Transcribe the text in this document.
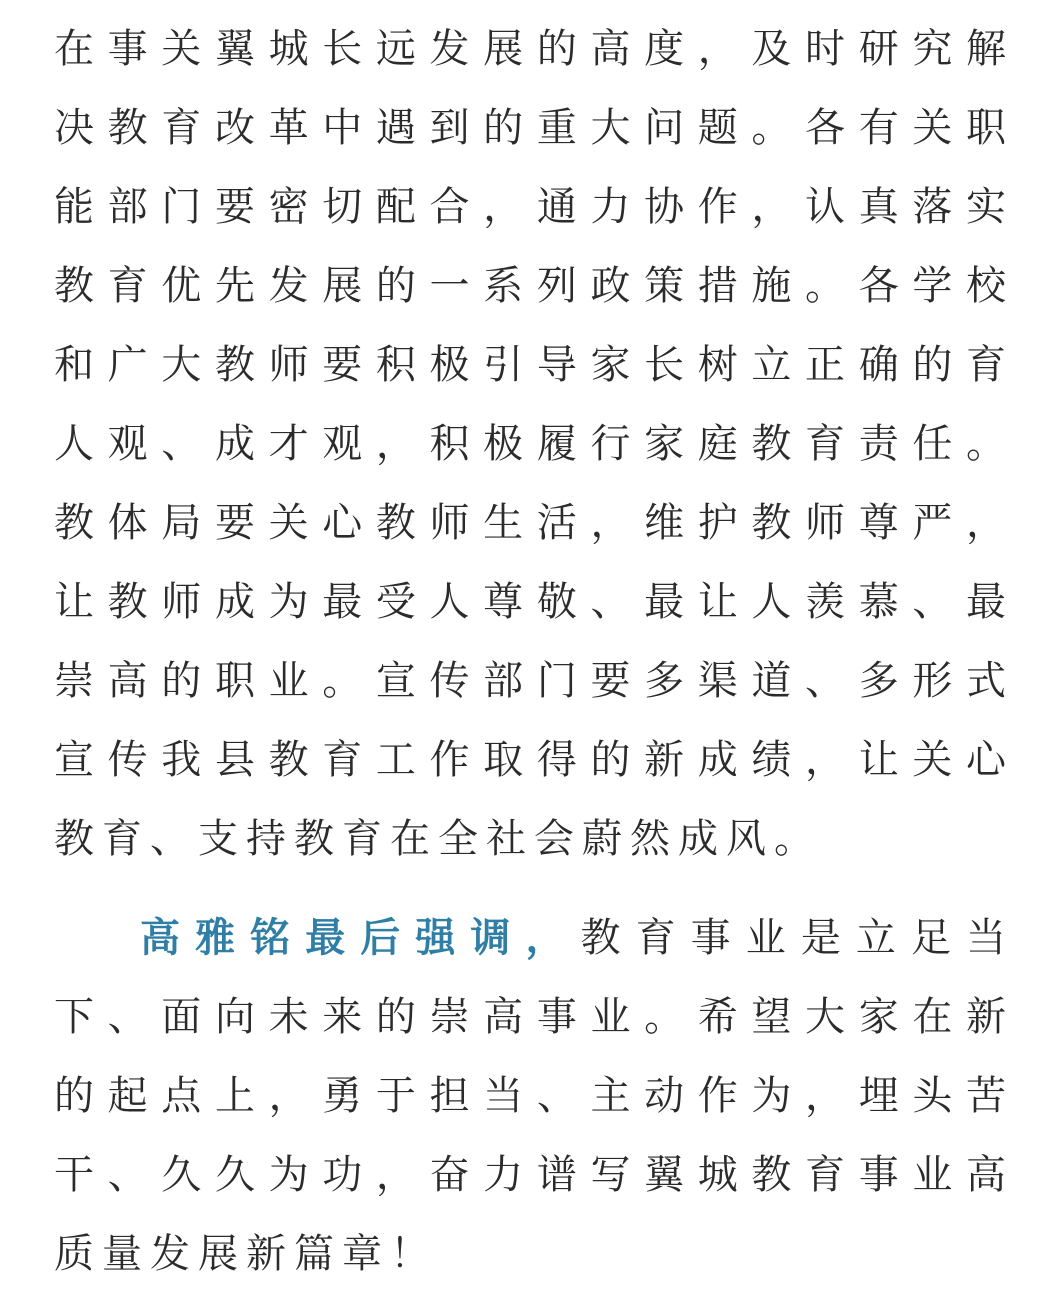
在事关翼城长远发展的高度，及时研究解
决教育改革中遇到的重大问题。各有关职
能部门要密切配合，通力协作，认真落实
教育优先发展的一系列政策措施。各学校
和广大教师要积极引导家长树立正确的育
人观、成才观，积极履行家庭教育责任。
教体局要关心教师生活，维护教师尊严，
让教师成为最受人尊敬、最让人羡慕、最
崇高的职业。宣传部门要多渠道、多形式
宣传我县教育工作取得的新成绩，让关心
教育、支持教育在全社会蔚然成风。
高雅铭最后强调，教育事业是立足当
下、面向未来的崇高事业。希望大家在新
的起点上，勇于担当、主动作为，埋头苦
干、久久为功，奋力谱写翼城教育事业高
质量发展新篇章！
